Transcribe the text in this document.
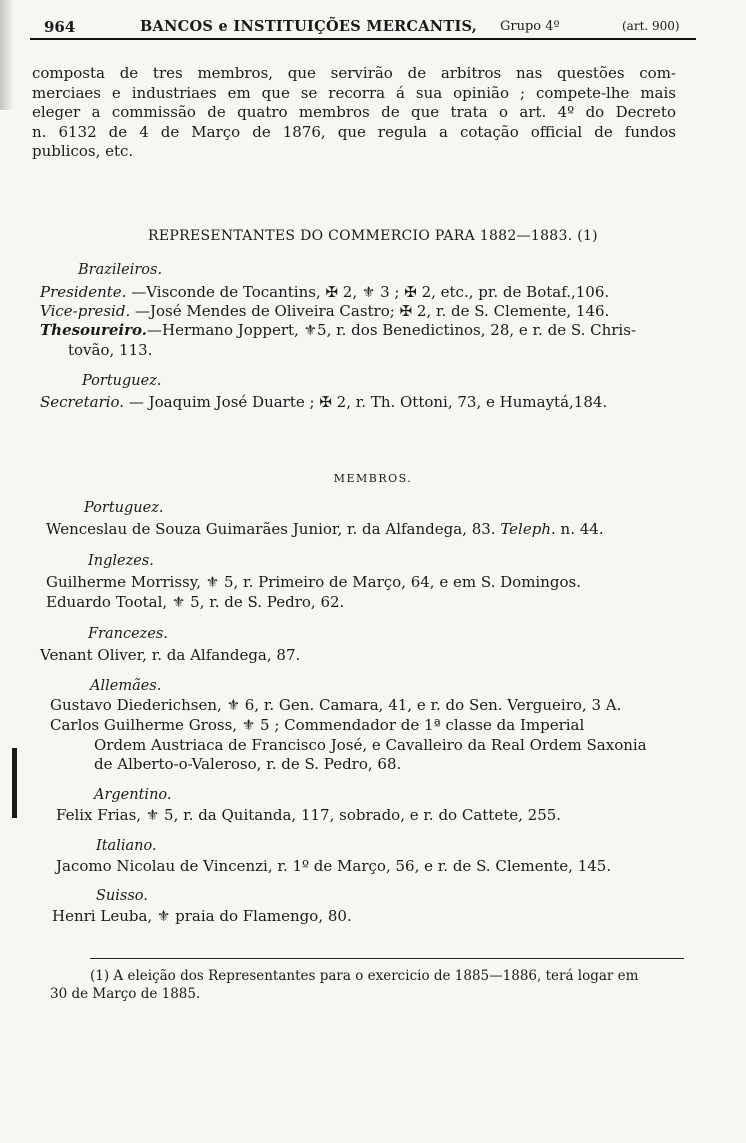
964	BANCOS e INSTITUIÇÕES MERCANTIS, Grupo 4º	(art. 900)
composta de tres membros, que servirão de arbitros nas questões com-
merciaes e industriaes em que se recorra á sua opinião ; compete-lhe mais
eleger a commissão de quatro membros de que trata o art. 4º do Decreto
n. 6132 de 4 de Março de 1876, que regula a cotação official de fundos
publicos, etc.
REPRESENTANTES DO COMMERCIO PARA 1882—1883. (1)
Brazileiros.
Presidente. —Visconde de Tocantins, ✠ 2, ⚜ 3 ; ✠ 2, etc., pr. de Botaf.,106.
Vice-presid. —José Mendes de Oliveira Castro; ✠ 2, r. de S. Clemente, 146.
Thesoureiro.—Hermano Joppert, ⚜5, r. dos Benedictinos, 28, e r. de S. Chris-
tovão, 113.
Portuguez.
Secretario. — Joaquim José Duarte ; ✠ 2, r. Th. Ottoni, 73, e Humaytá,184.
MEMBROS.
Portuguez.
Wenceslau de Souza Guimarães Junior, r. da Alfandega, 83. Teleph. n. 44.
Inglezes.
Guilherme Morrissy, ⚜ 5, r. Primeiro de Março, 64, e em S. Domingos.
Eduardo Tootal, ⚜ 5, r. de S. Pedro, 62.
Francezes.
Venant Oliver, r. da Alfandega, 87.
Allemães.
Gustavo Diederichsen, ⚜ 6, r. Gen. Camara, 41, e r. do Sen. Vergueiro, 3 A.
Carlos Guilherme Gross, ⚜ 5 ; Commendador de 1ª classe da Imperial
Ordem Austriaca de Francisco José, e Cavalleiro da Real Ordem Saxonia
de Alberto-o-Valeroso, r. de S. Pedro, 68.
Argentino.
Felix Frias, ⚜ 5, r. da Quitanda, 117, sobrado, e r. do Cattete, 255.
Italiano.
Jacomo Nicolau de Vincenzi, r. 1º de Março, 56, e r. de S. Clemente, 145.
Suisso.
Henri Leuba, ⚜ praia do Flamengo, 80.
(1) A eleição dos Representantes para o exercicio de 1885—1886, terá logar em
30 de Março de 1885.
